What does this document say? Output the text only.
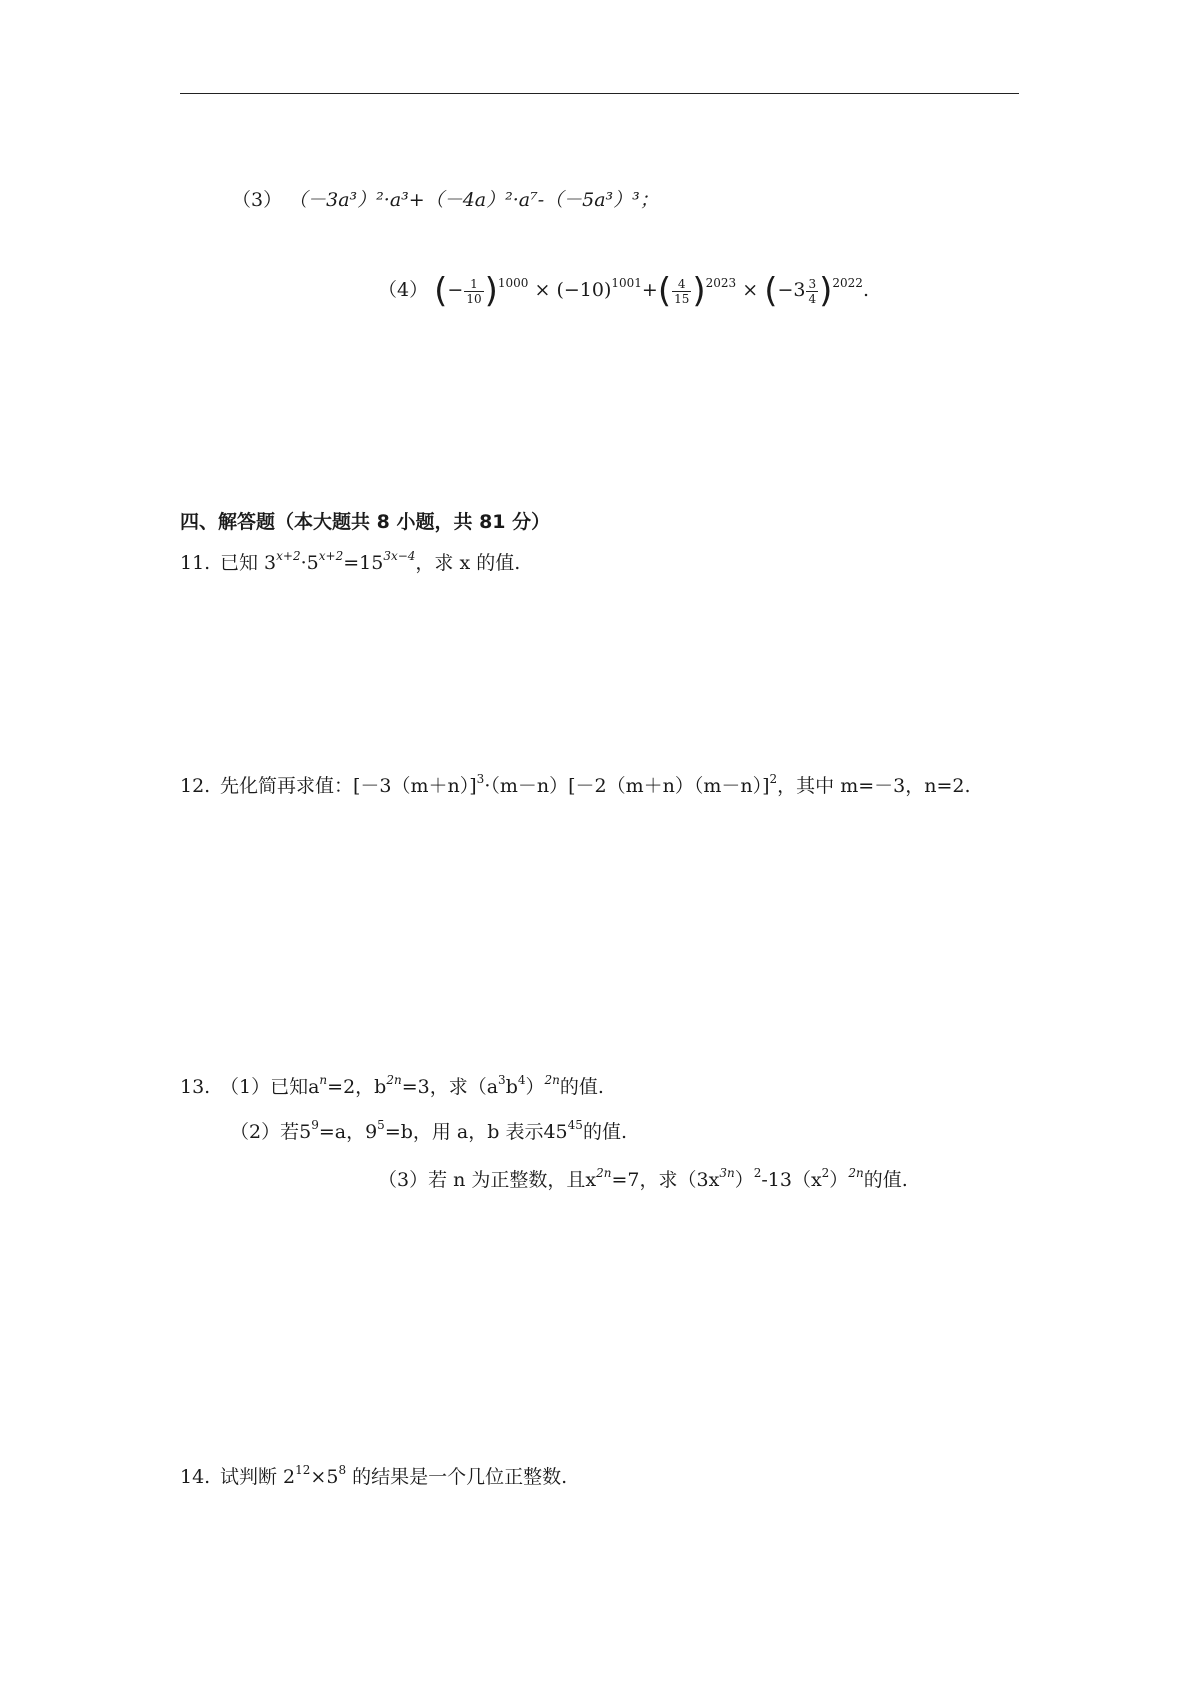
（3） （－3a³）²·a³+（－4a）²·a⁷-（－5a³）³；
（4） (− $\frac{1}{10} )^{1000} \times (-10)^{1001}+( \frac{4}{15} )^{2023} \times (-3 \frac{3}{4} )^{2022}$.
四、解答题（本大题共 8 小题，共 81 分）
11. 已知 $3^{x+2}\cdot 5^{x+2}=15^{3x-4}$，求 x 的值.
12. 先化简再求值：$[-3(m+n)]^3\cdot(m-n)[-2(m+n)(m-n)]^2$，其中 m=－3，n=2.
13. （1）已知$a^n=2$，$b^{2n}=3$，求$(a^3b^4)^{2n}$的值.
（2）若$5^9=a$，$9^5=b$，用 a，b 表示$45^{45}$的值.
（3）若 n 为正整数，且$x^{2n}=7$，求$(3x^{3n})^2-13(x^2)^{2n}$的值.
14. 试判断 $2^{12}\times 5^8$ 的结果是一个几位正整数.
